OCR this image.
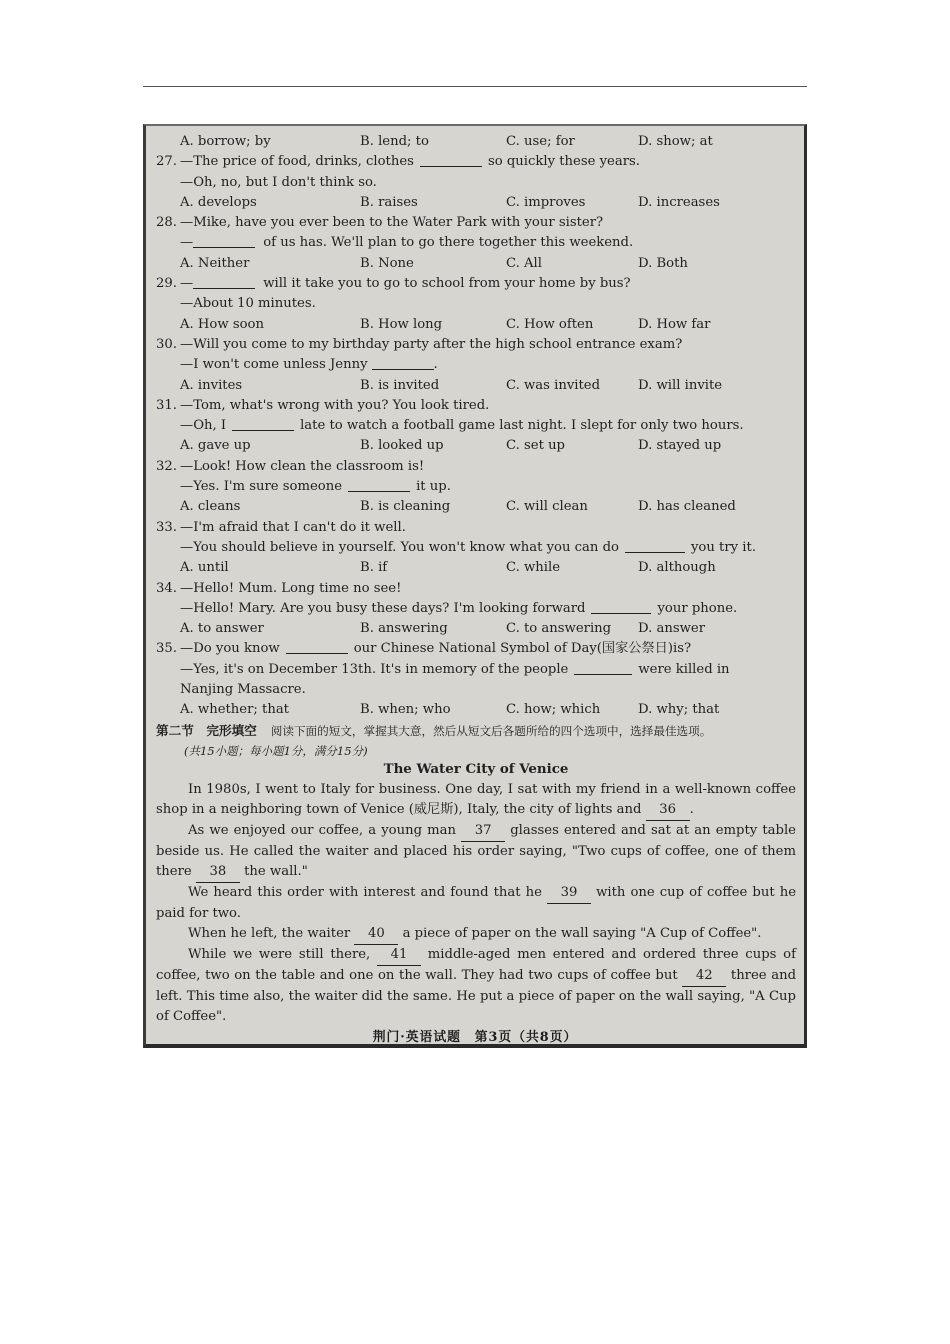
A. borrow; by	B. lend; to	C. use; for	D. show; at
27. —The price of food, drinks, clothes	so quickly these years.
—Oh, no, but I don't think so.
A. develops	B. raises	C. improves	D. increases
28. —Mike, have you ever been to the Water Park with your sister?
—	of us has. We'll plan to go there together this weekend.
A. Neither	B. None	C. All	D. Both
29. —	will it take you to go to school from your home by bus?
—About 10 minutes.
A. How soon	B. How long	C. How often	D. How far
30. —Will you come to my birthday party after the high school entrance exam?
—I won't come unless Jenny	.
A. invites	B. is invited	C. was invited	D. will invite
31. —Tom, what's wrong with you? You look tired.
—Oh, I	late to watch a football game last night. I slept for only two hours.
A. gave up	B. looked up	C. set up	D. stayed up
32. —Look! How clean the classroom is!
—Yes. I'm sure someone	it up.
A. cleans	B. is cleaning	C. will clean	D. has cleaned
33. —I'm afraid that I can't do it well.
—You should believe in yourself. You won't know what you can do	you try it.
A. until	B. if	C. while	D. although
34. —Hello! Mum. Long time no see!
—Hello! Mary. Are you busy these days? I'm looking forward	your phone.
A. to answer	B. answering	C. to answering	D. answer
35. —Do you know	our Chinese National Symbol of Day(国家公祭日)is?
—Yes, it's on December 13th. It's in memory of the people	were killed in
Nanjing Massacre.
A. whether; that	B. when; who	C. how; which	D. why; that
第二节　完形填空 阅读下面的短文，掌握其大意，然后从短文后各题所给的四个选项中，选择最佳选项。
(共15小题；每小题1分，满分15分)
The Water City of Venice

In 1980s, I went to Italy for business. One day, I sat with my friend in a well-known coffee shop in a neighboring town of Venice (威尼斯), Italy, the city of lights and 36 .

As we enjoyed our coffee, a young man 37 glasses entered and sat at an empty table beside us. He called the waiter and placed his order saying, "Two cups of coffee, one of them there 38 the wall."

We heard this order with interest and found that he 39 with one cup of coffee but he paid for two.

When he left, the waiter 40 a piece of paper on the wall saying "A Cup of Coffee".

While we were still there, 41 middle-aged men entered and ordered three cups of coffee, two on the table and one on the wall. They had two cups of coffee but 42 three and left. This time also, the waiter did the same. He put a piece of paper on the wall saying, "A Cup of Coffee".

荆门·英语试题　第3页（共8页）
